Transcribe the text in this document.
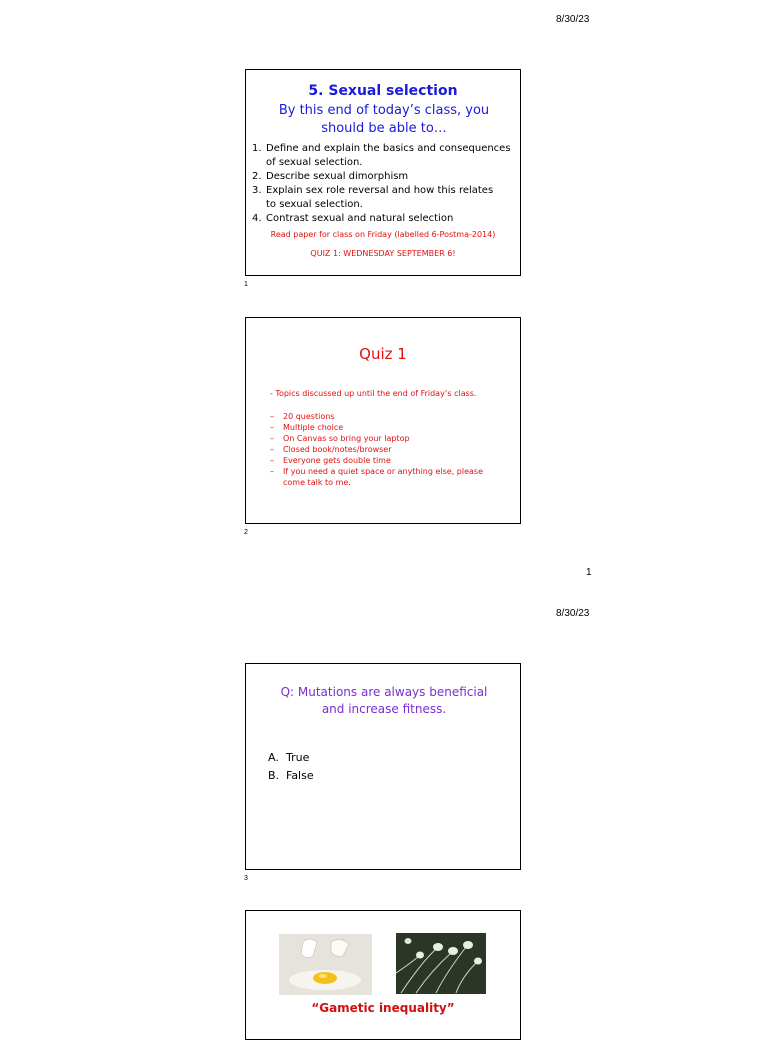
8/30/23
5. Sexual selection
By this end of today’s class, you
should be able to…
1. Define and explain the basics and consequences
of sexual selection.
2. Describe sexual dimorphism
3. Explain sex role reversal and how this relates
to sexual selection.
4. Contrast sexual and natural selection
Read paper for class on Friday (labelled 6-Postma-2014)
QUIZ 1: WEDNESDAY SEPTEMBER 6!
1
Quiz 1
- Topics discussed up until the end of Friday’s class.
– 20 questions
– Multiple choice
– On Canvas so bring your laptop
– Closed book/notes/browser
– Everyone gets double time
– If you need a quiet space or anything else, please
come talk to me.
2
1
8/30/23
Q: Mutations are always beneficial
and increase fitness.
A. True
B. False
3
“Gametic inequality”
